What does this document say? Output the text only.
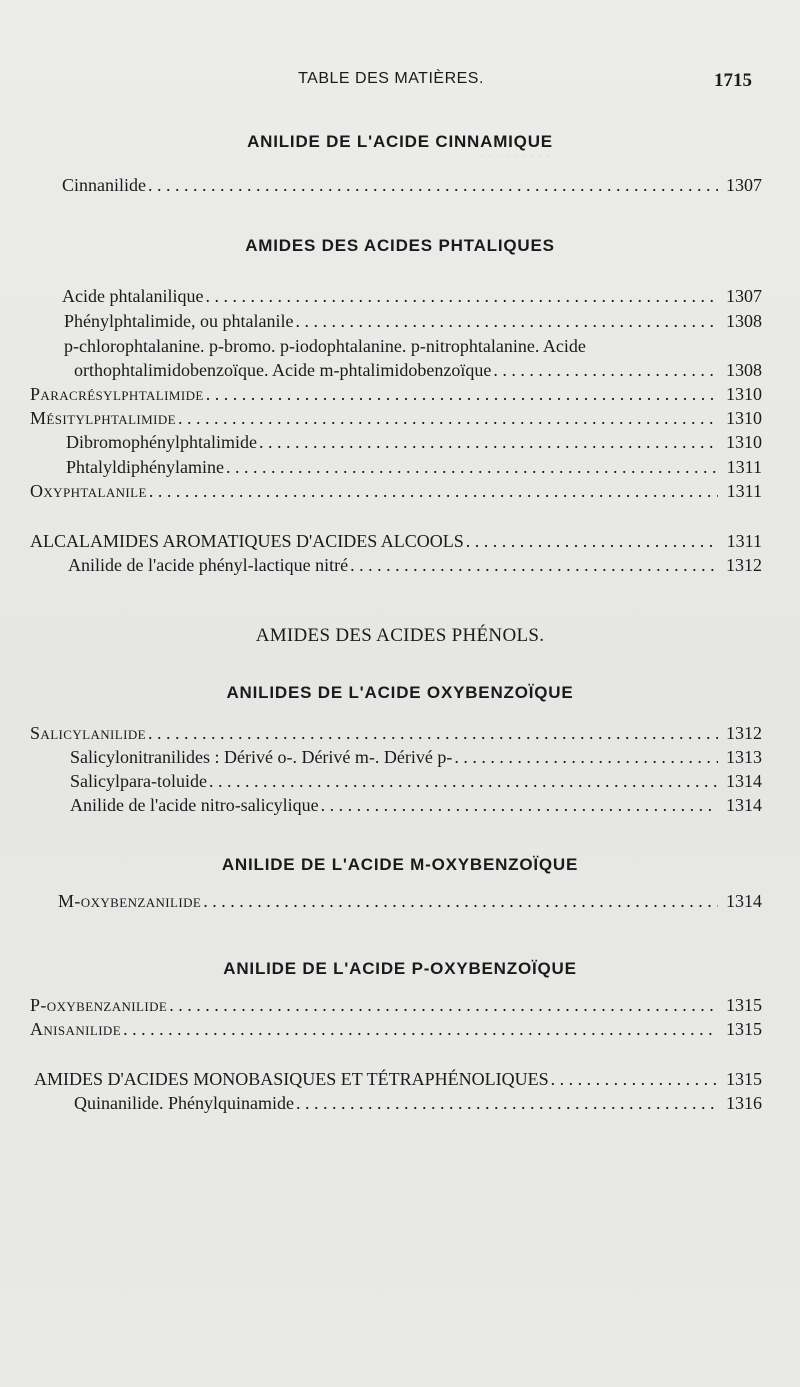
· · · · · · · · ·
TABLE DES MATIÈRES.	1715
ANILIDE DE L'ACIDE CINNAMIQUE
Cinnanilide . . .	1307
AMIDES DES ACIDES PHTALIQUES
Acide phtalanilique . . .	1307
Phénylphtalimide, ou phtalanile . . .	1308
p-chlorophtalanine. p-bromo. p-iodophtalanine. p-nitrophtalanine. Acide
orthophtalimidobenzoïque. Acide m-phtalimidobenzoïque . . .	1308
Paracrésylphtalimide . . .	1310
Mésitylphtalimide . . .	1310
Dibromophénylphtalimide . . .	1310
Phtalyldiphénylamine . . .	1311
Oxyphtalanile . . .	1311
ALCALAMIDES AROMATIQUES D'ACIDES ALCOOLS . . .	1311
Anilide de l'acide phényl-lactique nitré . . .	1312
AMIDES DES ACIDES PHÉNOLS.
ANILIDES DE L'ACIDE OXYBENZOÏQUE
Salicylanilide . . .	1312
Salicylonitranilides : Dérivé o-. Dérivé m-. Dérivé p- . . .	1313
Salicylpara-toluide . . .	1314
Anilide de l'acide nitro-salicylique . . .	1314
ANILIDE DE L'ACIDE M-OXYBENZOÏQUE
M-oxybenzanilide . . .	1314
ANILIDE DE L'ACIDE P-OXYBENZOÏQUE
P-oxybenzanilide . . .	1315
Anisanilide . . .	1315
AMIDES D'ACIDES MONOBASIQUES ET TÉTRAPHÉNOLIQUES . . .	1315
Quinanilide. Phénylquinamide . . .	1316
